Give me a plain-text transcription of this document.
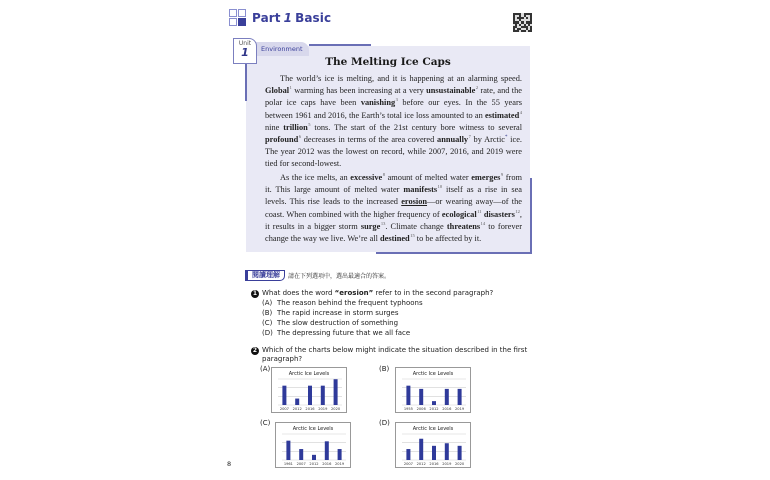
Part 1 Basic
Environment
Unit
1
The Melting Ice Caps

The world’s ice is melting, and it is happening at an alarming speed. Global$^1$ warming has been increasing at a very unsustainable$^2$ rate, and the polar ice caps have been vanishing$^3$ before our eyes. In the 55 years between 1961 and 2016, the Earth’s total ice loss amounted to an estimated$^4$ nine trillion$^5$ tons. The start of the 21st century bore witness to several profound$^6$ decreases in terms of the area covered annually$^7$ by Arctic* ice. The year 2012 was the lowest on record, while 2007, 2016, and 2019 were tied for second-lowest.

As the ice melts, an excessive$^8$ amount of melted water emerges$^9$ from it. This large amount of melted water manifests$^{10}$ itself as a rise in sea levels. This rise leads to the increased erosion—or wearing away—of the coast. When combined with the higher frequency of ecological$^{11}$ disasters$^{12}$, it results in a bigger storm surge$^{13}$. Climate change threatens$^{14}$ to forever change the way we live. We’re all destined$^{15}$ to be affected by it.

閱讀理解	請在下列選項中，選出最適合的答案。
1 What does the word “erosion” refer to in the second paragraph?
(A) The reason behind the frequent typhoons
(B) The rapid increase in storm surges
(C) The slow destruction of something
(D) The depressing future that we all face
2 Which of the charts below might indicate the situation described in the first paragraph?
(A)
Arctic Ice Levels
2007 2012 2016 2019 2020
(B)
Arctic Ice Levels
1955 2006 2012 2016 2019
(C)
Arctic Ice Levels
1961 2007 2012 2016 2019
(D)
Arctic Ice Levels
2007 2012 2016 2019 2020
8
